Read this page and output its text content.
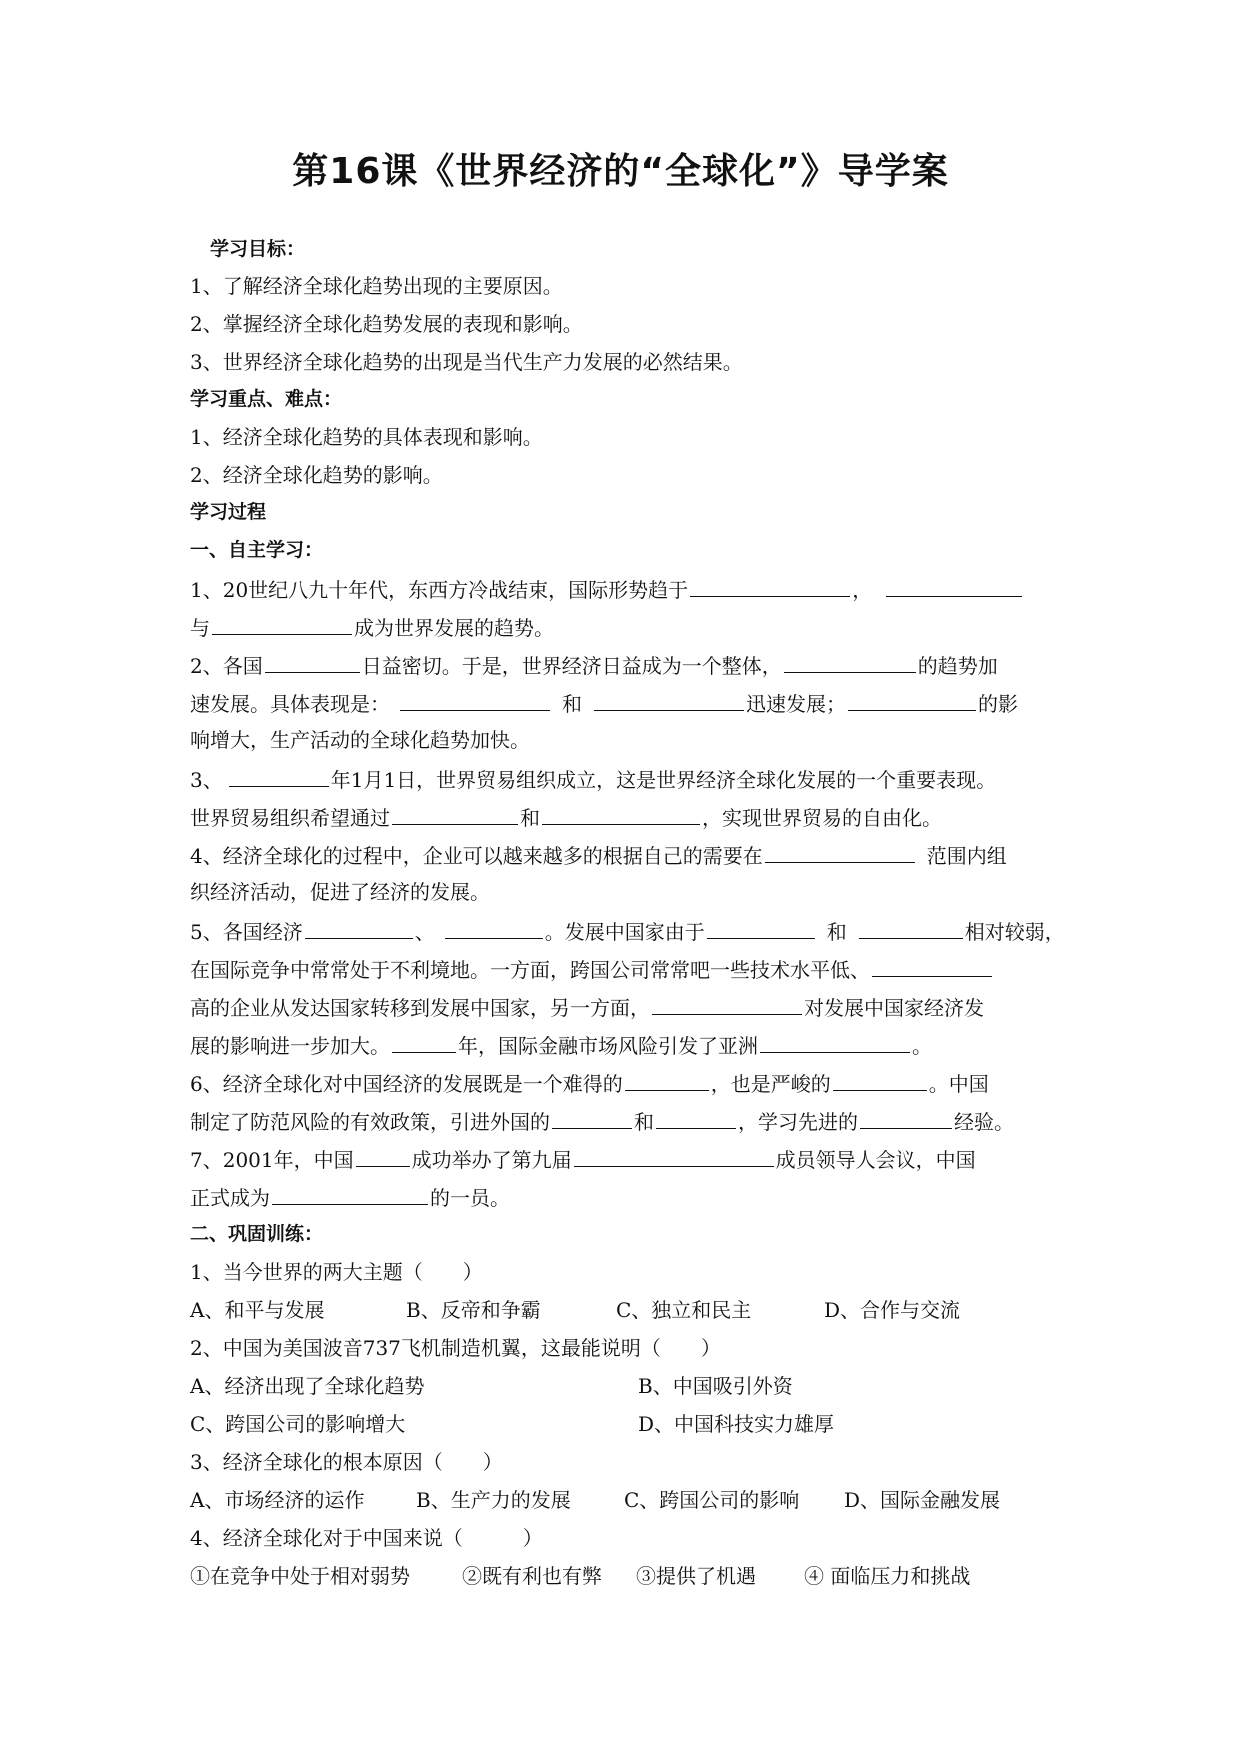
第16课《世界经济的“全球化”》导学案
学习目标：
1、了解经济全球化趋势出现的主要原因。
2、掌握经济全球化趋势发展的表现和影响。
3、世界经济全球化趋势的出现是当代生产力发展的必然结果。
学习重点、难点：
1、经济全球化趋势的具体表现和影响。
2、经济全球化趋势的影响。
学习过程
一、自主学习：
1、20世纪八九十年代，东西方冷战结束，国际形势趋于	，
与	成为世界发展的趋势。
2、各国	日益密切。于是，世界经济日益成为一个整体，	的趋势加
速发展。具体表现是：	和	迅速发展；	的影
响增大，生产活动的全球化趋势加快。
3、	年1月1日，世界贸易组织成立，这是世界经济全球化发展的一个重要表现。
世界贸易组织希望通过	和	，实现世界贸易的自由化。
4、经济全球化的过程中，企业可以越来越多的根据自己的需要在	范围内组
织经济活动，促进了经济的发展。
5、各国经济	、	。发展中国家由于	和	相对较弱，
在国际竞争中常常处于不利境地。一方面，跨国公司常常吧一些技术水平低、
高的企业从发达国家转移到发展中国家，另一方面，	对发展中国家经济发
展的影响进一步加大。	年，国际金融市场风险引发了亚洲	。
6、经济全球化对中国经济的发展既是一个难得的	，也是严峻的	。中国
制定了防范风险的有效政策，引进外国的	和	，学习先进的	经验。
7、2001年，中国	成功举办了第九届	成员领导人会议，中国
正式成为	的一员。
二、巩固训练：
1、当今世界的两大主题（　　）
A、和平与发展	B、反帝和争霸	C、独立和民主	D、合作与交流
2、中国为美国波音737飞机制造机翼，这最能说明（　　）
A、经济出现了全球化趋势	B、中国吸引外资
C、跨国公司的影响增大	D、中国科技实力雄厚
3、经济全球化的根本原因（　　）
A、市场经济的运作	B、生产力的发展	C、跨国公司的影响 D、国际金融发展
4、经济全球化对于中国来说（　　　）
①在竞争中处于相对弱势	②既有利也有弊 ③提供了机遇 ④ 面临压力和挑战
